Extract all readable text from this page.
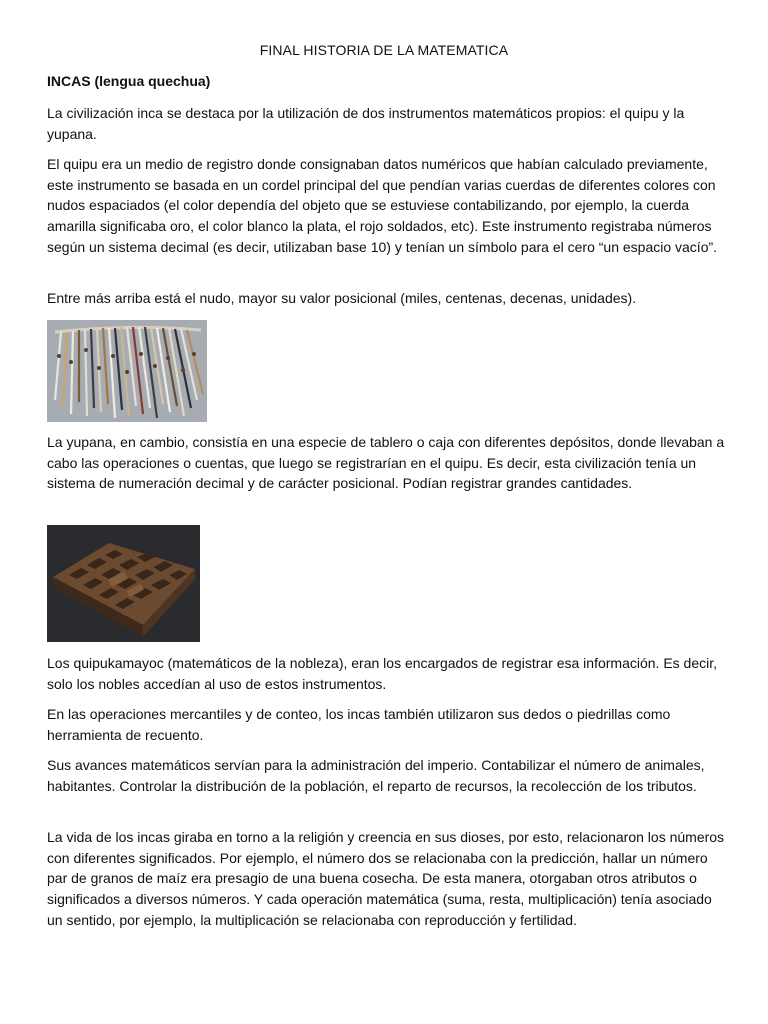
FINAL HISTORIA DE LA MATEMATICA
INCAS (lengua quechua)

La civilización inca se destaca por la utilización de dos instrumentos matemáticos propios: el quipu y la yupana.

El quipu era un medio de registro donde consignaban datos numéricos que habían calculado previamente, este instrumento se basada en un cordel principal del que pendían varias cuerdas de diferentes colores con nudos espaciados (el color dependía del objeto que se estuviese contabilizando, por ejemplo, la cuerda amarilla significaba oro, el color blanco la plata, el rojo soldados, etc). Este instrumento registraba números según un sistema decimal (es decir, utilizaban base 10) y tenían un símbolo para el cero “un espacio vacío”.

Entre más arriba está el nudo, mayor su valor posicional (miles, centenas, decenas, unidades).

La yupana, en cambio, consistía en una especie de tablero o caja con diferentes depósitos, donde llevaban a cabo las operaciones o cuentas, que luego se registrarían en el quipu. Es decir, esta civilización tenía un sistema de numeración decimal y de carácter posicional. Podían registrar grandes cantidades.

Los quipukamayoc (matemáticos de la nobleza), eran los encargados de registrar esa información. Es decir, solo los nobles accedían al uso de estos instrumentos.

En las operaciones mercantiles y de conteo, los incas también utilizaron sus dedos o piedrillas como herramienta de recuento.

Sus avances matemáticos servían para la administración del imperio. Contabilizar el número de animales, habitantes. Controlar la distribución de la población, el reparto de recursos, la recolección de los tributos.

La vida de los incas giraba en torno a la religión y creencia en sus dioses, por esto, relacionaron los números con diferentes significados. Por ejemplo, el número dos se relacionaba con la predicción, hallar un número par de granos de maíz era presagio de una buena cosecha. De esta manera, otorgaban otros atributos o significados a diversos números. Y cada operación matemática (suma, resta, multiplicación) tenía asociado un sentido, por ejemplo, la multiplicación se relacionaba con reproducción y fertilidad.
